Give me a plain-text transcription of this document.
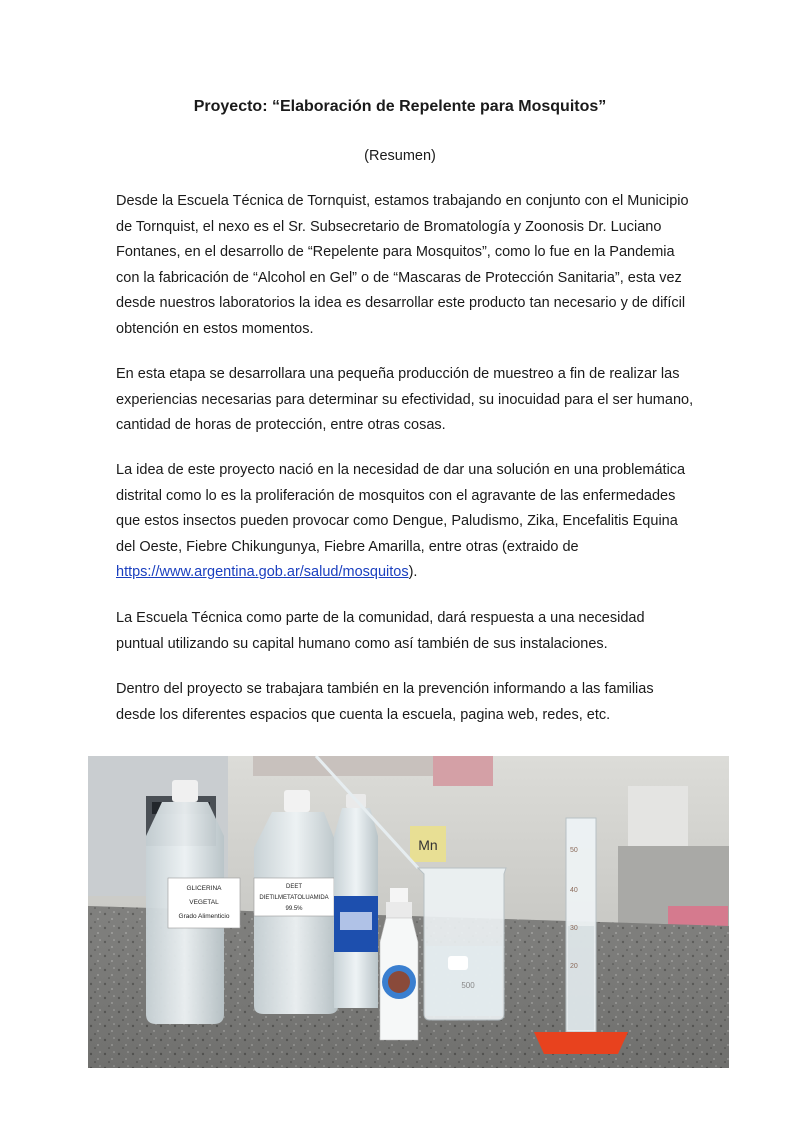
Proyecto: “Elaboración de Repelente para Mosquitos”
(Resumen)

Desde la Escuela Técnica de Tornquist, estamos trabajando en conjunto con el Municipio de Tornquist, el nexo es el Sr. Subsecretario de Bromatología y Zoonosis Dr. Luciano Fontanes, en el desarrollo de “Repelente para Mosquitos”, como lo fue en la Pandemia con la fabricación de “Alcohol en Gel” o de “Mascaras de Protección Sanitaria”, esta vez desde nuestros laboratorios la idea es desarrollar este producto tan necesario y de difícil obtención en estos momentos.

En esta etapa se desarrollara una pequeña producción de muestreo a fin de realizar las experiencias necesarias para determinar su efectividad, su inocuidad para el ser humano, cantidad de horas de protección, entre otras cosas.

La idea de este proyecto nació en la necesidad de dar una solución en una problemática distrital como lo es la proliferación de mosquitos con el agravante de las enfermedades que estos insectos pueden provocar como Dengue, Paludismo, Zika, Encefalitis Equina del Oeste, Fiebre Chikungunya, Fiebre Amarilla, entre otras (extraido de https://www.argentina.gob.ar/salud/mosquitos).

La Escuela Técnica como parte de la comunidad, dará respuesta a una necesidad puntual utilizando su capital humano como así también de sus instalaciones.

Dentro del proyecto se trabajara también en la prevención informando a las familias desde los diferentes espacios que cuenta la escuela, pagina web, redes, etc.

Mn
GLICERINA
VEGETAL
Grado Alimenticio
DEET
DIETILMETATOLUAMIDA
99.5%
500
50
40
30
20
